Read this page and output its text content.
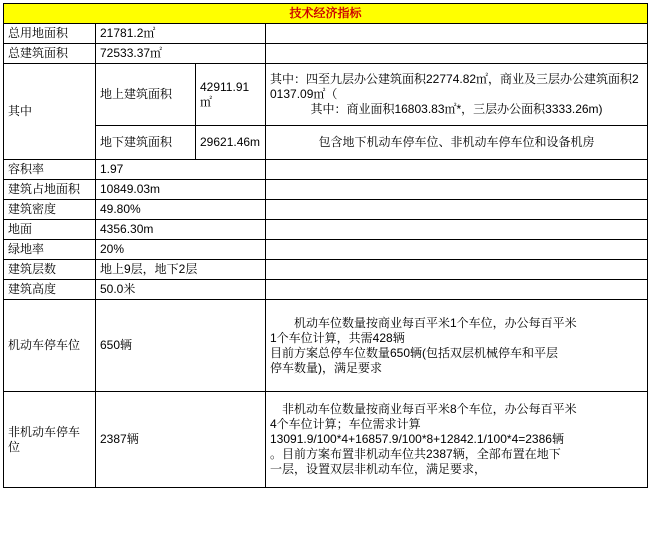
技术经济指标			
总用地面积	21781.2㎡		
总建筑面积	72533.37㎡		
其中	地上建筑面积	42911.91㎡	其中：四至九层办公建筑面积22774.82㎡，商业及三层办公建筑面积20137.09㎡（
其中：商业面积16803.83㎡*，三层办公面积3333.26m)

	地下建筑面积	29621.46m	包含地下机动车停车位、非机动车停车位和设备机房
容积率	1.97		
建筑占地面积	10849.03m		
建筑密度	49.80%		
地面	4356.30m		
绿地率	20%		
建筑层数	地上9层，地下2层		
建筑高度	50.0米		
机动车停车位	650辆		机动车位数量按商业每百平米1个车位，办公每百平米
1个车位计算，共需428辆
目前方案总停车位数量650辆(包括双层机械停车和平层
停车数量)，满足要求

非机动车停车位	2387辆		非机动车位数量按商业每百平米8个车位，办公每百平米
4个车位计算；车位需求计算
13091.9/100*4+16857.9/100*8+12842.1/100*4=2386辆
。目前方案布置非机动车位共2387辆，全部布置在地下
一层，设置双层非机动车位，满足要求，
